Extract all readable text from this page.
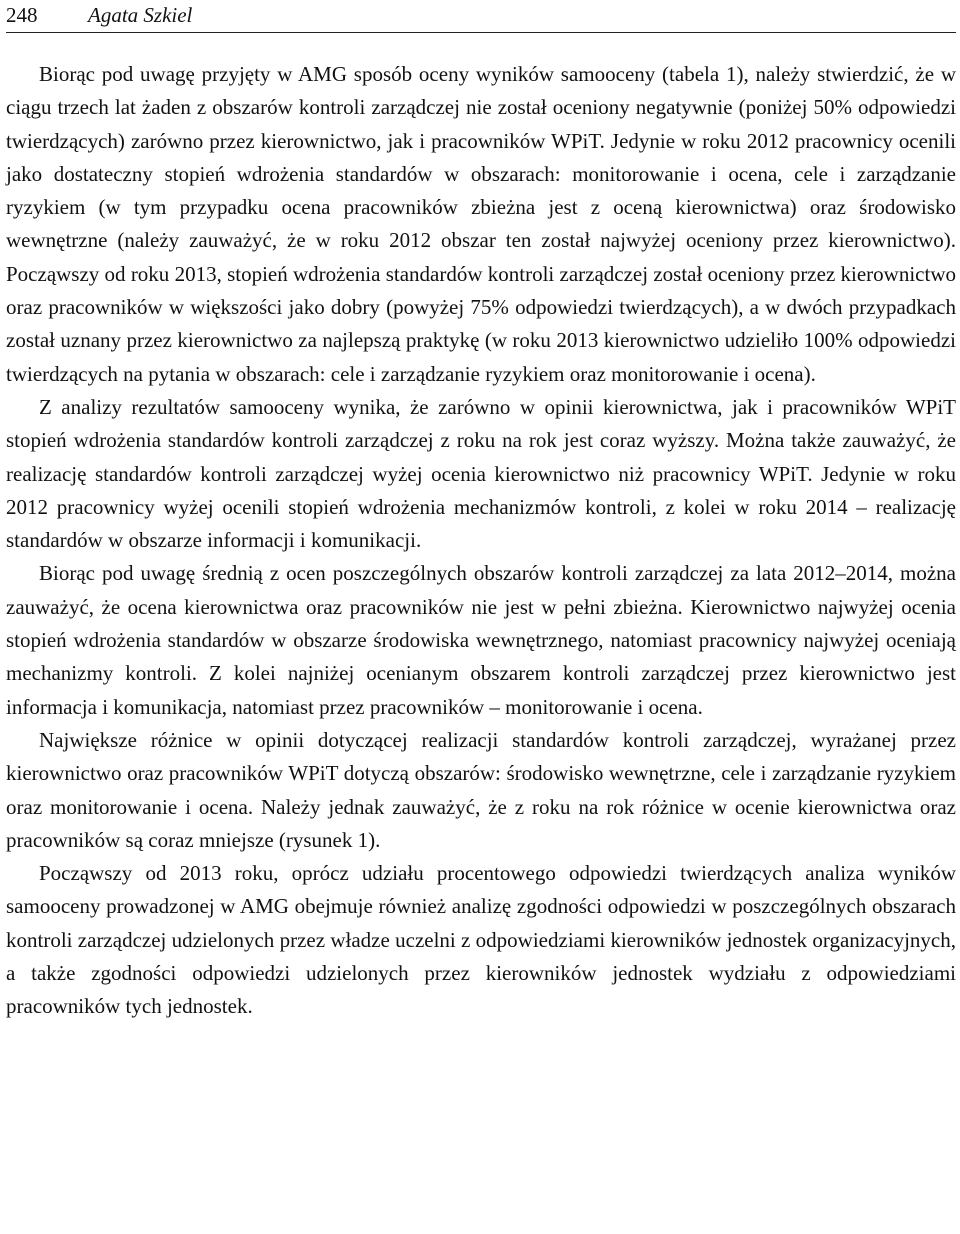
248 Agata Szkiel

Biorąc pod uwagę przyjęty w AMG sposób oceny wyników samooceny (tabela 1), należy stwierdzić, że w ciągu trzech lat żaden z obszarów kontroli zarządczej nie został oceniony negatywnie (poniżej 50% odpowiedzi twierdzących) zarówno przez kierownictwo, jak i pracowników WPiT. Jedynie w roku 2012 pracownicy ocenili jako dostateczny stopień wdrożenia standardów w obszarach: monitorowanie i ocena, cele i zarządzanie ryzykiem (w tym przypadku ocena pracowników zbieżna jest z oceną kierownictwa) oraz środowisko wewnętrzne (należy zauważyć, że w roku 2012 obszar ten został najwyżej oceniony przez kierownictwo). Począwszy od roku 2013, stopień wdrożenia standardów kontroli zarządczej został oceniony przez kierownictwo oraz pracowników w większości jako dobry (powyżej 75% odpowiedzi twierdzących), a w dwóch przypadkach został uznany przez kierownictwo za najlepszą praktykę (w roku 2013 kierownictwo udzieliło 100% odpowiedzi twierdzących na pytania w obszarach: cele i zarządzanie ryzykiem oraz monitorowanie i ocena).

Z analizy rezultatów samooceny wynika, że zarówno w opinii kierownictwa, jak i pracowników WPiT stopień wdrożenia standardów kontroli zarządczej z roku na rok jest coraz wyższy. Można także zauważyć, że realizację standardów kontroli zarządczej wyżej ocenia kierownictwo niż pracownicy WPiT. Jedynie w roku 2012 pracownicy wyżej ocenili stopień wdrożenia mechanizmów kontroli, z kolei w roku 2014 – realizację standardów w obszarze informacji i komunikacji.

Biorąc pod uwagę średnią z ocen poszczególnych obszarów kontroli zarządczej za lata 2012–2014, można zauważyć, że ocena kierownictwa oraz pracowników nie jest w pełni zbieżna. Kierownictwo najwyżej ocenia stopień wdrożenia standardów w obszarze środowiska wewnętrznego, natomiast pracownicy najwyżej oceniają mechanizmy kontroli. Z kolei najniżej ocenianym obszarem kontroli zarządczej przez kierownictwo jest informacja i komunikacja, natomiast przez pracowników – monitorowanie i ocena.

Największe różnice w opinii dotyczącej realizacji standardów kontroli zarządczej, wyrażanej przez kierownictwo oraz pracowników WPiT dotyczą obszarów: środowisko wewnętrzne, cele i zarządzanie ryzykiem oraz monitorowanie i ocena. Należy jednak zauważyć, że z roku na rok różnice w ocenie kierownictwa oraz pracowników są coraz mniejsze (rysunek 1).

Począwszy od 2013 roku, oprócz udziału procentowego odpowiedzi twierdzących analiza wyników samooceny prowadzonej w AMG obejmuje również analizę zgodności odpowiedzi w poszczególnych obszarach kontroli zarządczej udzielonych przez władze uczelni z odpowiedziami kierowników jednostek organizacyjnych, a także zgodności odpowiedzi udzielonych przez kierowników jednostek wydziału z odpowiedziami pracowników tych jednostek.
